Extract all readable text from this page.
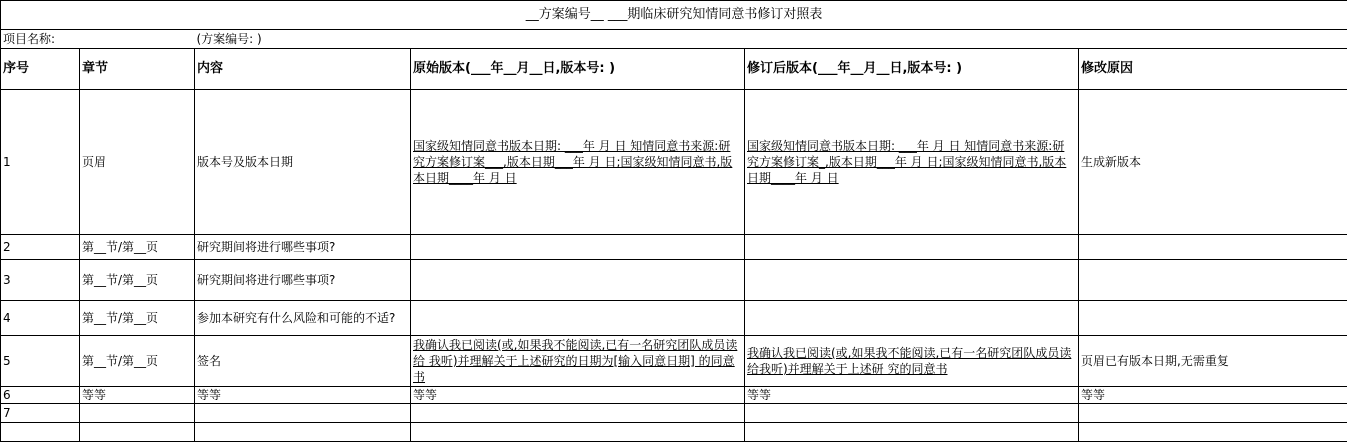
__方案编号__ ___期临床研究知情同意书修订对照表					
项目名称:		(方案编号: )			
序号	章节	内容	原始版本(___年__月__日,版本号: )	修订后版本(___年__月__日,版本号: )	修改原因
1	页眉	版本号及版本日期	国家级知情同意书版本日期: ___年 月 日 知情同意书来源:研究方案修订案___,版本日期___年 月 日;国家级知情同意书,版本日期____年 月 日	国家级知情同意书版本日期: ___年 月 日 知情同意书来源:研究方案修订案_,版本日期___年 月 日;国家级知情同意书,版本日期____年 月 日	生成新版本
2	第__节/第__页	研究期间将进行哪些事项?			
3	第__节/第__页	研究期间将进行哪些事项?			
4	第__节/第__页	参加本研究有什么风险和可能的不适?			
5	第__节/第__页	签名	我确认我已阅读(或,如果我不能阅读,已有一名研究团队成员读给 我听)并理解关于上述研究的日期为[输入同意日期] 的同意书	我确认我已阅读(或,如果我不能阅读,已有一名研究团队成员读给我听)并理解关于上述研 究的同意书	页眉已有版本日期,无需重复
6	等等	等等	等等	等等	等等
7					
